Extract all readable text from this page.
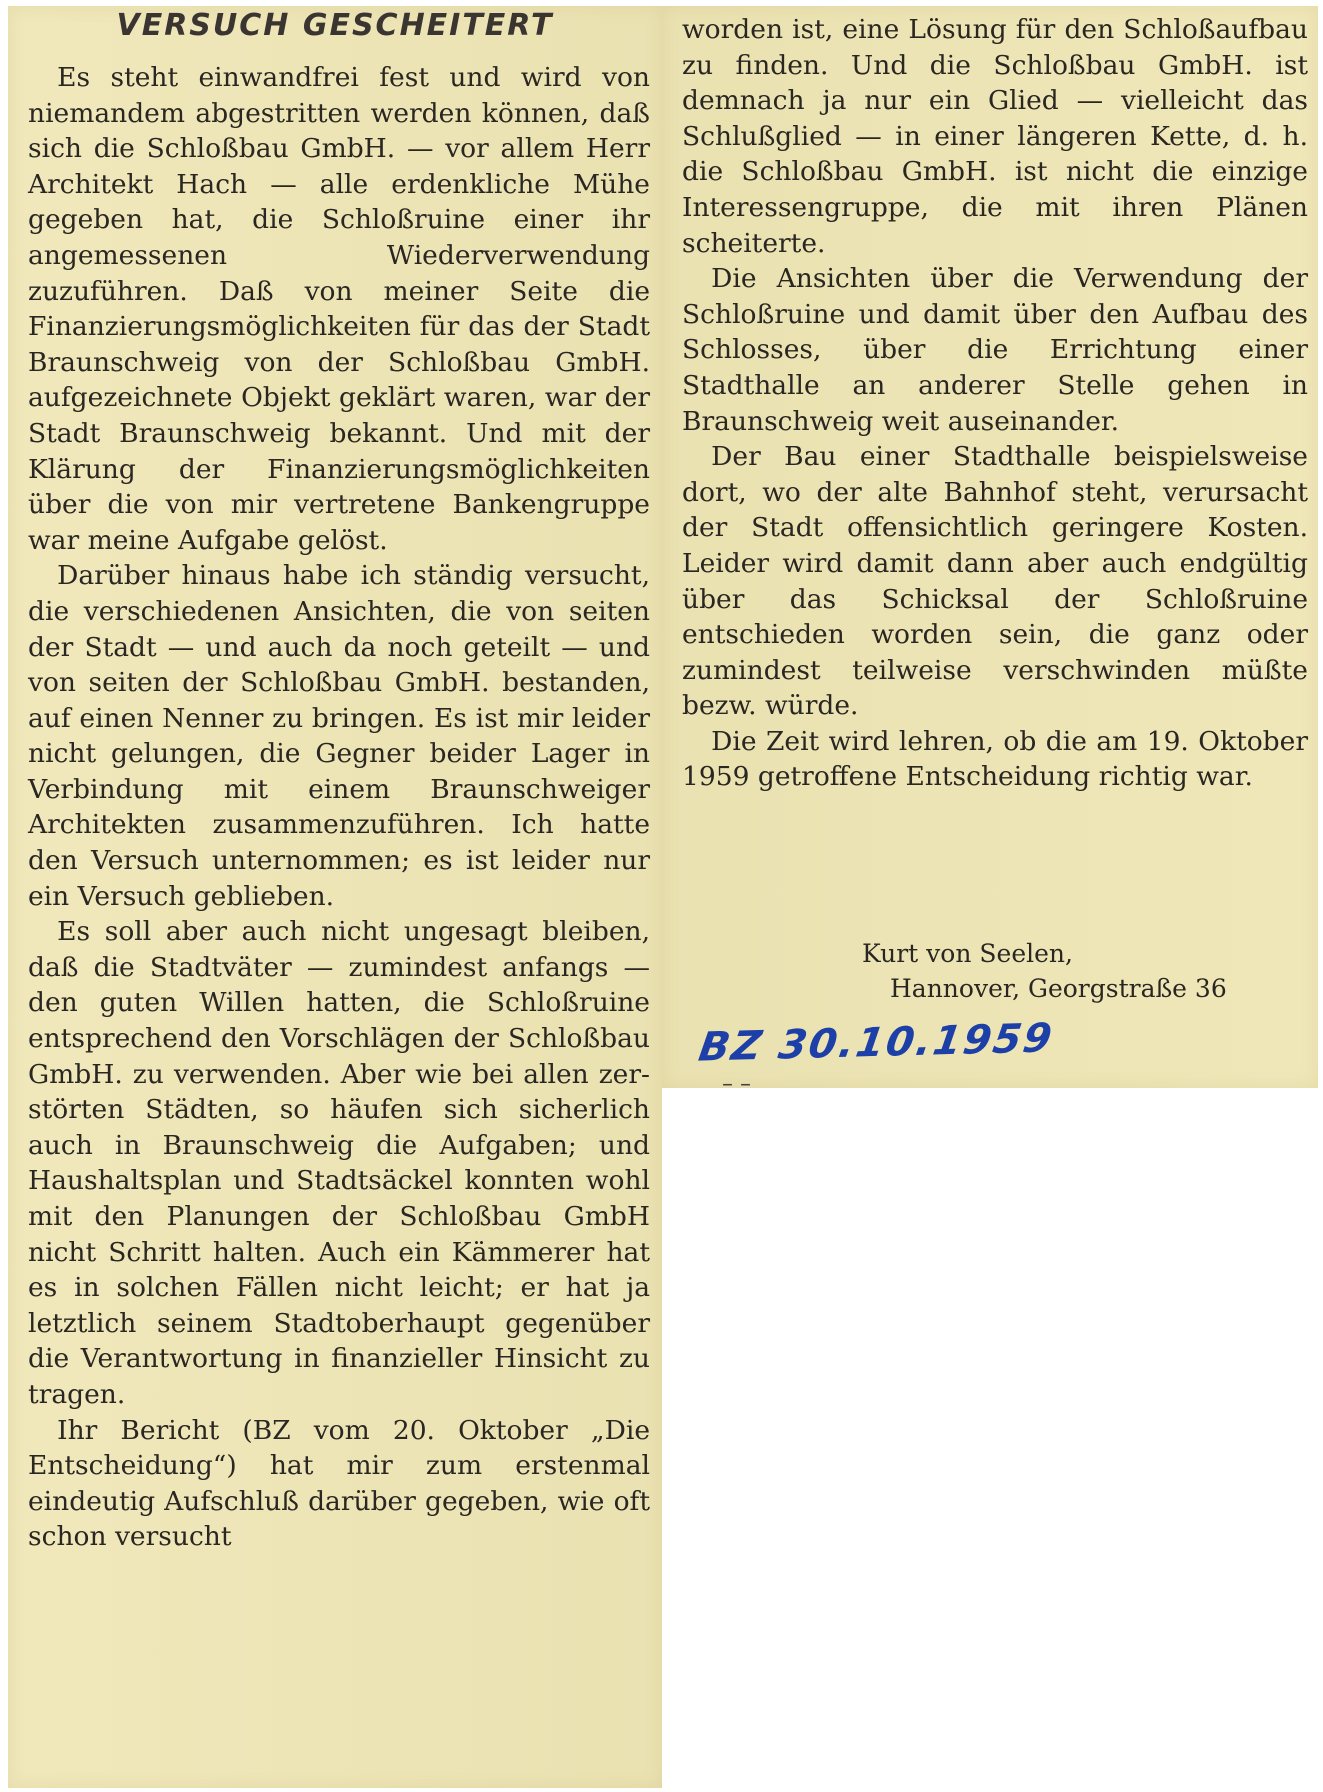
VERSUCH GESCHEITERT

Es steht einwandfrei fest und wird von niemandem abgestritten werden können, daß sich die Schloßbau GmbH. — vor allem Herr Architekt Hach — alle erdenkliche Mühe gegeben hat, die Schloßruine einer ihr angemessenen Wiederverwendung zuzuführen. Daß von meiner Seite die Finanzierungsmöglichkeiten für das der Stadt Braunschweig von der Schloßbau GmbH. aufgezeichnete Objekt geklärt waren, war der Stadt Braunschweig bekannt. Und mit der Klärung der Finanzierungsmöglichkeiten über die von mir vertretene Bankengruppe war meine Aufgabe gelöst.

Darüber hinaus habe ich ständig versucht, die verschiedenen Ansichten, die von seiten der Stadt — und auch da noch geteilt — und von seiten der Schloßbau GmbH. bestanden, auf einen Nenner zu bringen. Es ist mir leider nicht gelungen, die Gegner beider Lager in Verbindung mit einem Braunschweiger Architekten zusammenzuführen. Ich hatte den Versuch unternommen; es ist leider nur ein Versuch geblieben.

Es soll aber auch nicht ungesagt bleiben, daß die Stadtväter — zumindest anfangs — den guten Willen hatten, die Schloßruine entsprechend den Vorschlägen der Schloßbau GmbH. zu verwenden. Aber wie bei allen zerstörten Städten, so häufen sich sicherlich auch in Braunschweig die Aufgaben; und Haushaltsplan und Stadtsäckel konnten wohl mit den Planungen der Schloßbau GmbH nicht Schritt halten. Auch ein Kämmerer hat es in solchen Fällen nicht leicht; er hat ja letztlich seinem Stadtoberhaupt gegenüber die Verantwortung in finanzieller Hinsicht zu tragen.

Ihr Bericht (BZ vom 20. Oktober „Die Entscheidung“) hat mir zum erstenmal eindeutig Aufschluß darüber gegeben, wie oft schon versucht

worden ist, eine Lösung für den Schloßaufbau zu finden. Und die Schloßbau GmbH. ist demnach ja nur ein Glied — vielleicht das Schlußglied — in einer längeren Kette, d. h. die Schloßbau GmbH. ist nicht die einzige Interessengruppe, die mit ihren Plänen scheiterte.

Die Ansichten über die Verwendung der Schloßruine und damit über den Aufbau des Schlosses, über die Errichtung einer Stadthalle an anderer Stelle gehen in Braunschweig weit auseinander.

Der Bau einer Stadthalle beispielsweise dort, wo der alte Bahnhof steht, verursacht der Stadt offensichtlich geringere Kosten. Leider wird damit dann aber auch endgültig über das Schicksal der Schloßruine entschieden worden sein, die ganz oder zumindest teilweise verschwinden müßte bezw. würde.

Die Zeit wird lehren, ob die am 19. Oktober 1959 getroffene Entscheidung richtig war.

Kurt von Seelen,
Hannover, Georgstraße 36
BZ 30.10.1959
– –
